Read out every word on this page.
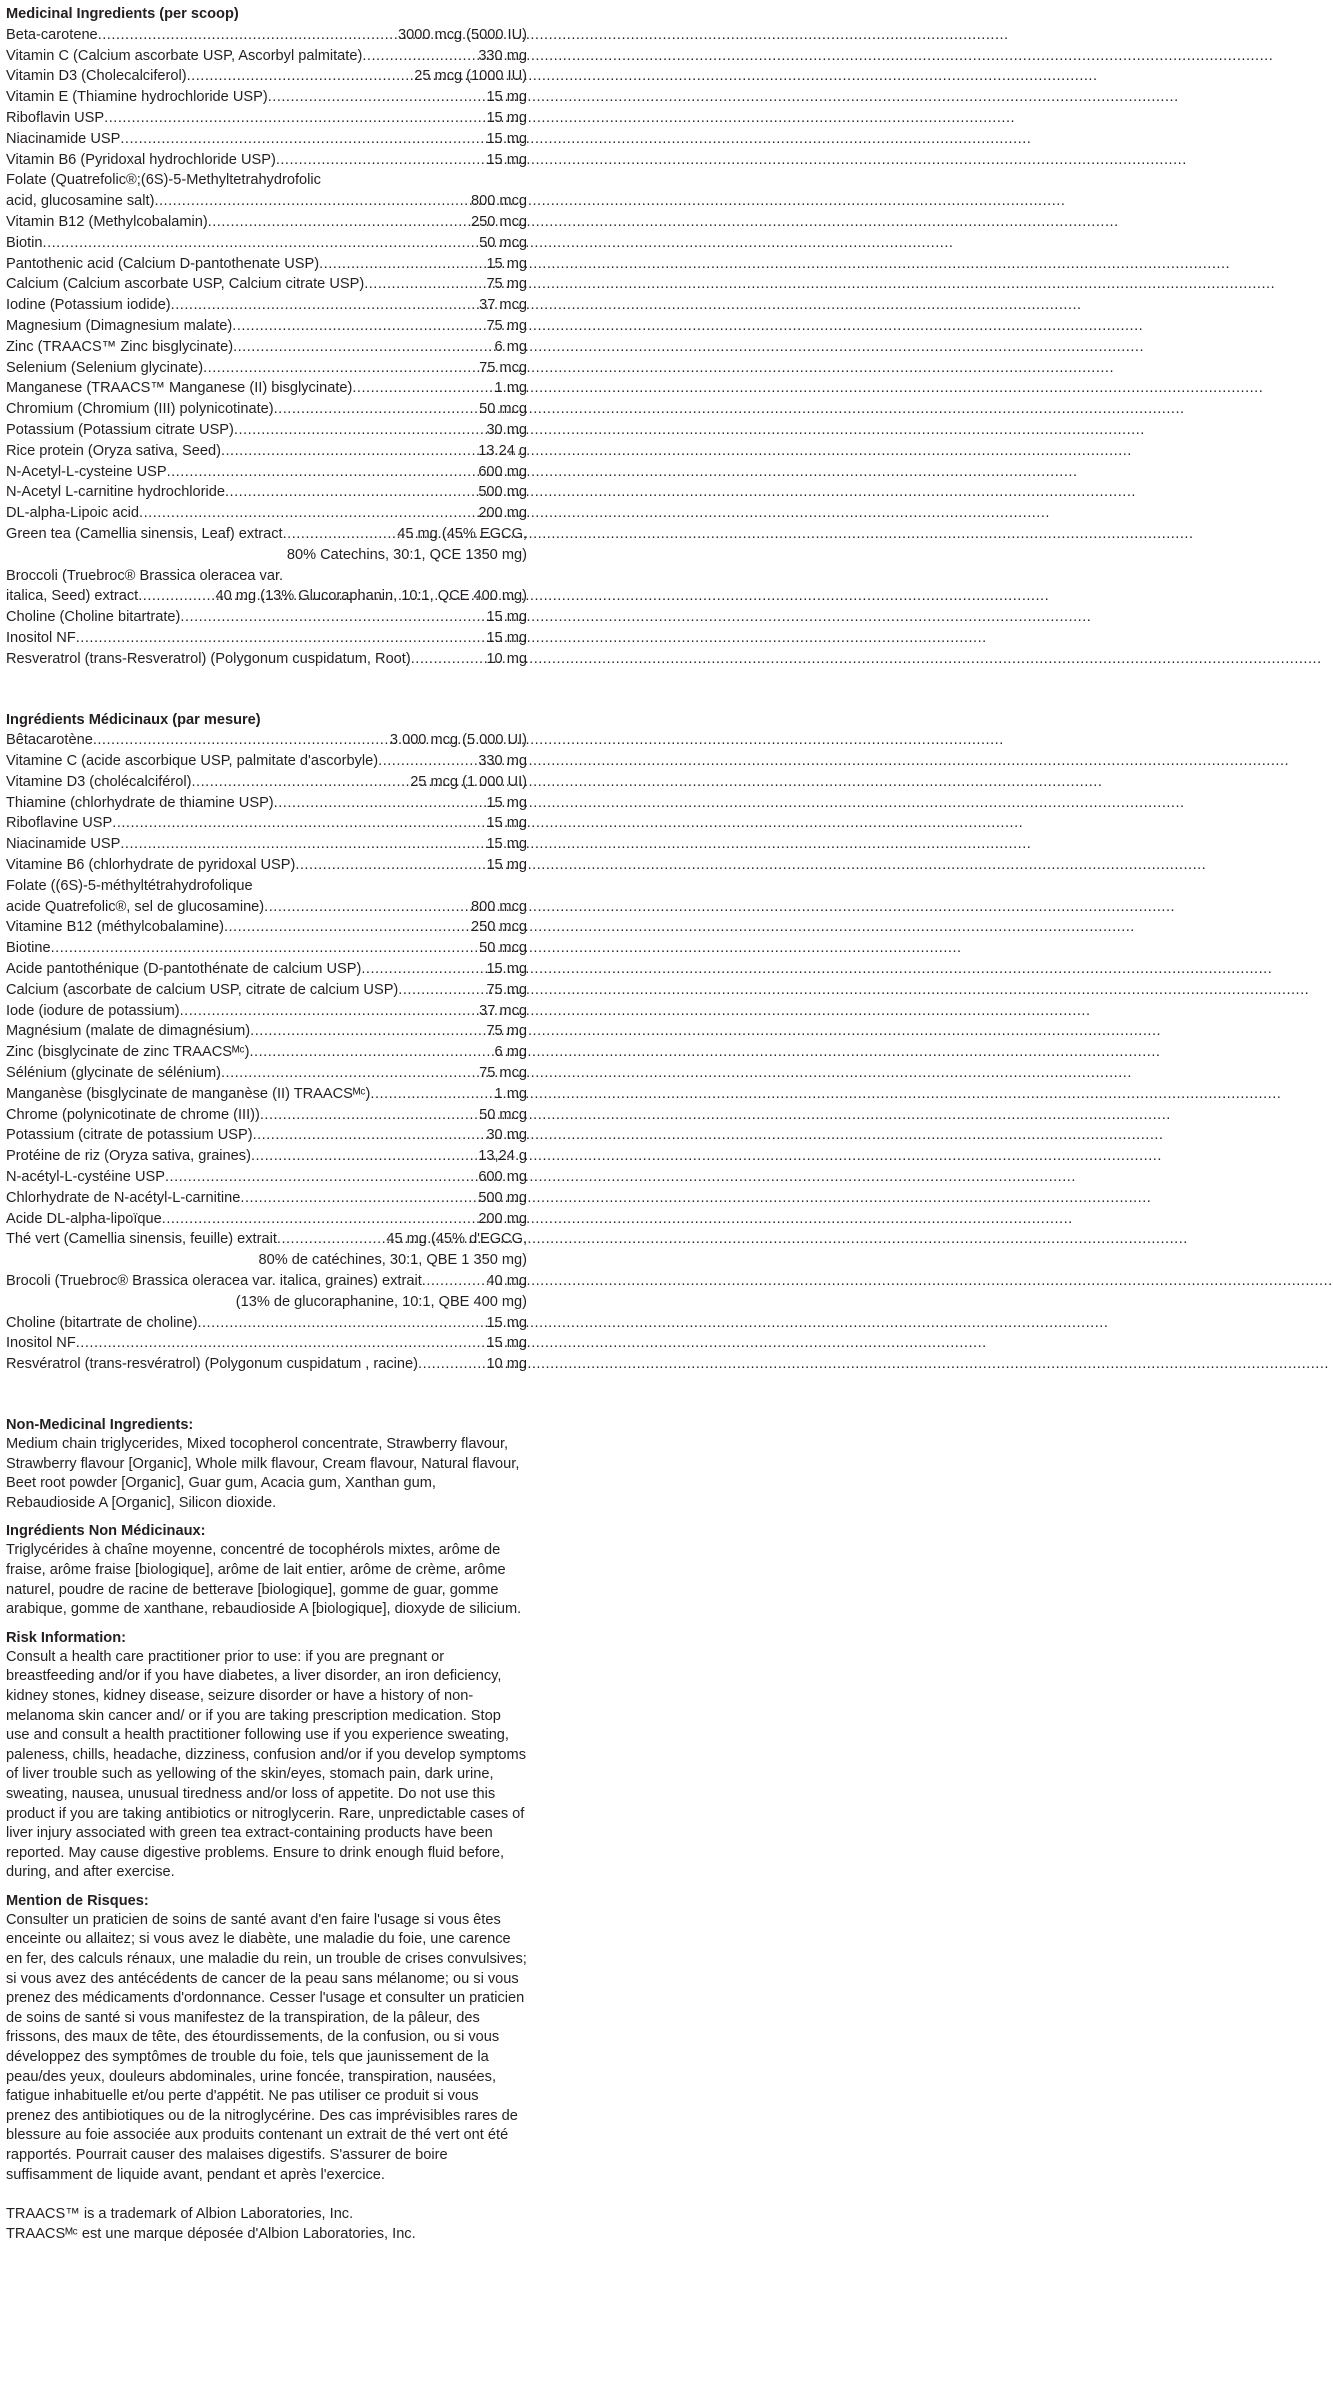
Medicinal Ingredients (per scoop)
Beta-carotene .....	3000 mcg (5000 IU)
Vitamin C (Calcium ascorbate USP, Ascorbyl palmitate) .....	330 mg
Vitamin D3 (Cholecalciferol) .....	25 mcg (1000 IU)
Vitamin E (Thiamine hydrochloride USP) .....	15 mg
Riboflavin USP .....	15 mg
Niacinamide USP .....	15 mg
Vitamin B6 (Pyridoxal hydrochloride USP) .....	15 mg
Folate (Quatrefolic®;(6S)-5-Methyltetrahydrofolic
acid, glucosamine salt) .....	800 mcg
Vitamin B12 (Methylcobalamin) .....	250 mcg
Biotin .....	50 mcg
Pantothenic acid (Calcium D-pantothenate USP) .....	15 mg
Calcium (Calcium ascorbate USP, Calcium citrate USP) .....	75 mg
Iodine (Potassium iodide) .....	37 mcg
Magnesium (Dimagnesium malate) .....	75 mg
Zinc (TRAACS™ Zinc bisglycinate) .....	6 mg
Selenium (Selenium glycinate) .....	75 mcg
Manganese (TRAACS™ Manganese (II) bisglycinate) .....	1 mg
Chromium (Chromium (III) polynicotinate) .....	50 mcg
Potassium (Potassium citrate USP) .....	30 mg
Rice protein (Oryza sativa, Seed) .....	13.24 g
N-Acetyl-L-cysteine USP .....	600 mg
N-Acetyl L-carnitine hydrochloride .....	500 mg
DL-alpha-Lipoic acid .....	200 mg
Green tea (Camellia sinensis, Leaf) extract .....	45 mg (45% EGCG,
80% Catechins, 30:1, QCE 1350 mg)
Broccoli (Truebroc® Brassica oleracea var.
italica, Seed) extract .....	40 mg (13% Glucoraphanin, 10:1, QCE 400 mg)
Choline (Choline bitartrate) .....	15 mg
Inositol NF .....	15 mg
Resveratrol (trans-Resveratrol) (Polygonum cuspidatum, Root) .....	10 mg
Ingrédients Médicinaux (par mesure)
Bêtacarotène .....	3 000 mcg (5 000 UI)
Vitamine C (acide ascorbique USP, palmitate d'ascorbyle) .....	330 mg
Vitamine D3 (cholécalciférol) .....	25 mcg (1 000 UI)
Thiamine (chlorhydrate de thiamine USP) .....	15 mg
Riboflavine USP .....	15 mg
Niacinamide USP .....	15 mg
Vitamine B6 (chlorhydrate de pyridoxal USP) .....	15 mg
Folate ((6S)-5-méthyltétrahydrofolique
acide Quatrefolic®, sel de glucosamine) .....	800 mcg
Vitamine B12 (méthylcobalamine) .....	250 mcg
Biotine .....	50 mcg
Acide pantothénique (D-pantothénate de calcium USP) .....	15 mg
Calcium (ascorbate de calcium USP, citrate de calcium USP) .....	75 mg
Iode (iodure de potassium) .....	37 mcg
Magnésium (malate de dimagnésium) .....	75 mg
Zinc (bisglycinate de zinc TRAACSᴹᶜ) .....	6 mg
Sélénium (glycinate de sélénium) .....	75 mcg
Manganèse (bisglycinate de manganèse (II) TRAACSᴹᶜ) .....	1 mg
Chrome (polynicotinate de chrome (III)) .....	50 mcg
Potassium (citrate de potassium USP) .....	30 mg
Protéine de riz (Oryza sativa, graines) .....	13,24 g
N-acétyl-L-cystéine USP .....	600 mg
Chlorhydrate de N-acétyl-L-carnitine .....	500 mg
Acide DL-alpha-lipoïque .....	200 mg
Thé vert (Camellia sinensis, feuille) extrait .....	45 mg (45% d'EGCG,
80% de catéchines, 30:1, QBE 1 350 mg)
Brocoli (Truebroc® Brassica oleracea var. italica, graines) extrait .....	40 mg
(13% de glucoraphanine, 10:1, QBE 400 mg)
Choline (bitartrate de choline) .....	15 mg
Inositol NF .....	15 mg
Resvératrol (trans-resvératrol) (Polygonum cuspidatum , racine) .....	10 mg
Non-Medicinal Ingredients:

Medium chain triglycerides, Mixed tocopherol concentrate, Strawberry flavour, Strawberry flavour [Organic], Whole milk flavour, Cream flavour, Natural flavour, Beet root powder [Organic], Guar gum, Acacia gum, Xanthan gum, Rebaudioside A [Organic], Silicon dioxide.

Ingrédients Non Médicinaux:

Triglycérides à chaîne moyenne, concentré de tocophérols mixtes, arôme de fraise, arôme fraise [biologique], arôme de lait entier, arôme de crème, arôme naturel, poudre de racine de betterave [biologique], gomme de guar, gomme arabique, gomme de xanthane, rebaudioside A [biologique], dioxyde de silicium.

Risk Information:

Consult a health care practitioner prior to use: if you are pregnant or breastfeeding and/or if you have diabetes, a liver disorder, an iron deficiency, kidney stones, kidney disease, seizure disorder or have a history of non-melanoma skin cancer and/ or if you are taking prescription medication. Stop use and consult a health practitioner following use if you experience sweating, paleness, chills, headache, dizziness, confusion and/or if you develop symptoms of liver trouble such as yellowing of the skin/eyes, stomach pain, dark urine, sweating, nausea, unusual tiredness and/or loss of appetite. Do not use this product if you are taking antibiotics or nitroglycerin. Rare, unpredictable cases of liver injury associated with green tea extract-containing products have been reported. May cause digestive problems. Ensure to drink enough fluid before, during, and after exercise.

Mention de Risques:

Consulter un praticien de soins de santé avant d'en faire l'usage si vous êtes enceinte ou allaitez; si vous avez le diabète, une maladie du foie, une carence en fer, des calculs rénaux, une maladie du rein, un trouble de crises convulsives; si vous avez des antécédents de cancer de la peau sans mélanome; ou si vous prenez des médicaments d'ordonnance. Cesser l'usage et consulter un praticien de soins de santé si vous manifestez de la transpiration, de la pâleur, des frissons, des maux de tête, des étourdissements, de la confusion, ou si vous développez des symptômes de trouble du foie, tels que jaunissement de la peau/des yeux, douleurs abdominales, urine foncée, transpiration, nausées, fatigue inhabituelle et/ou perte d'appétit. Ne pas utiliser ce produit si vous prenez des antibiotiques ou de la nitroglycérine. Des cas imprévisibles rares de blessure au foie associée aux produits contenant un extrait de thé vert ont été rapportés. Pourrait causer des malaises digestifs. S'assurer de boire suffisamment de liquide avant, pendant et après l'exercice.

TRAACS™ is a trademark of Albion Laboratories, Inc.

TRAACSᴹᶜ est une marque déposée d'Albion Laboratories, Inc.
